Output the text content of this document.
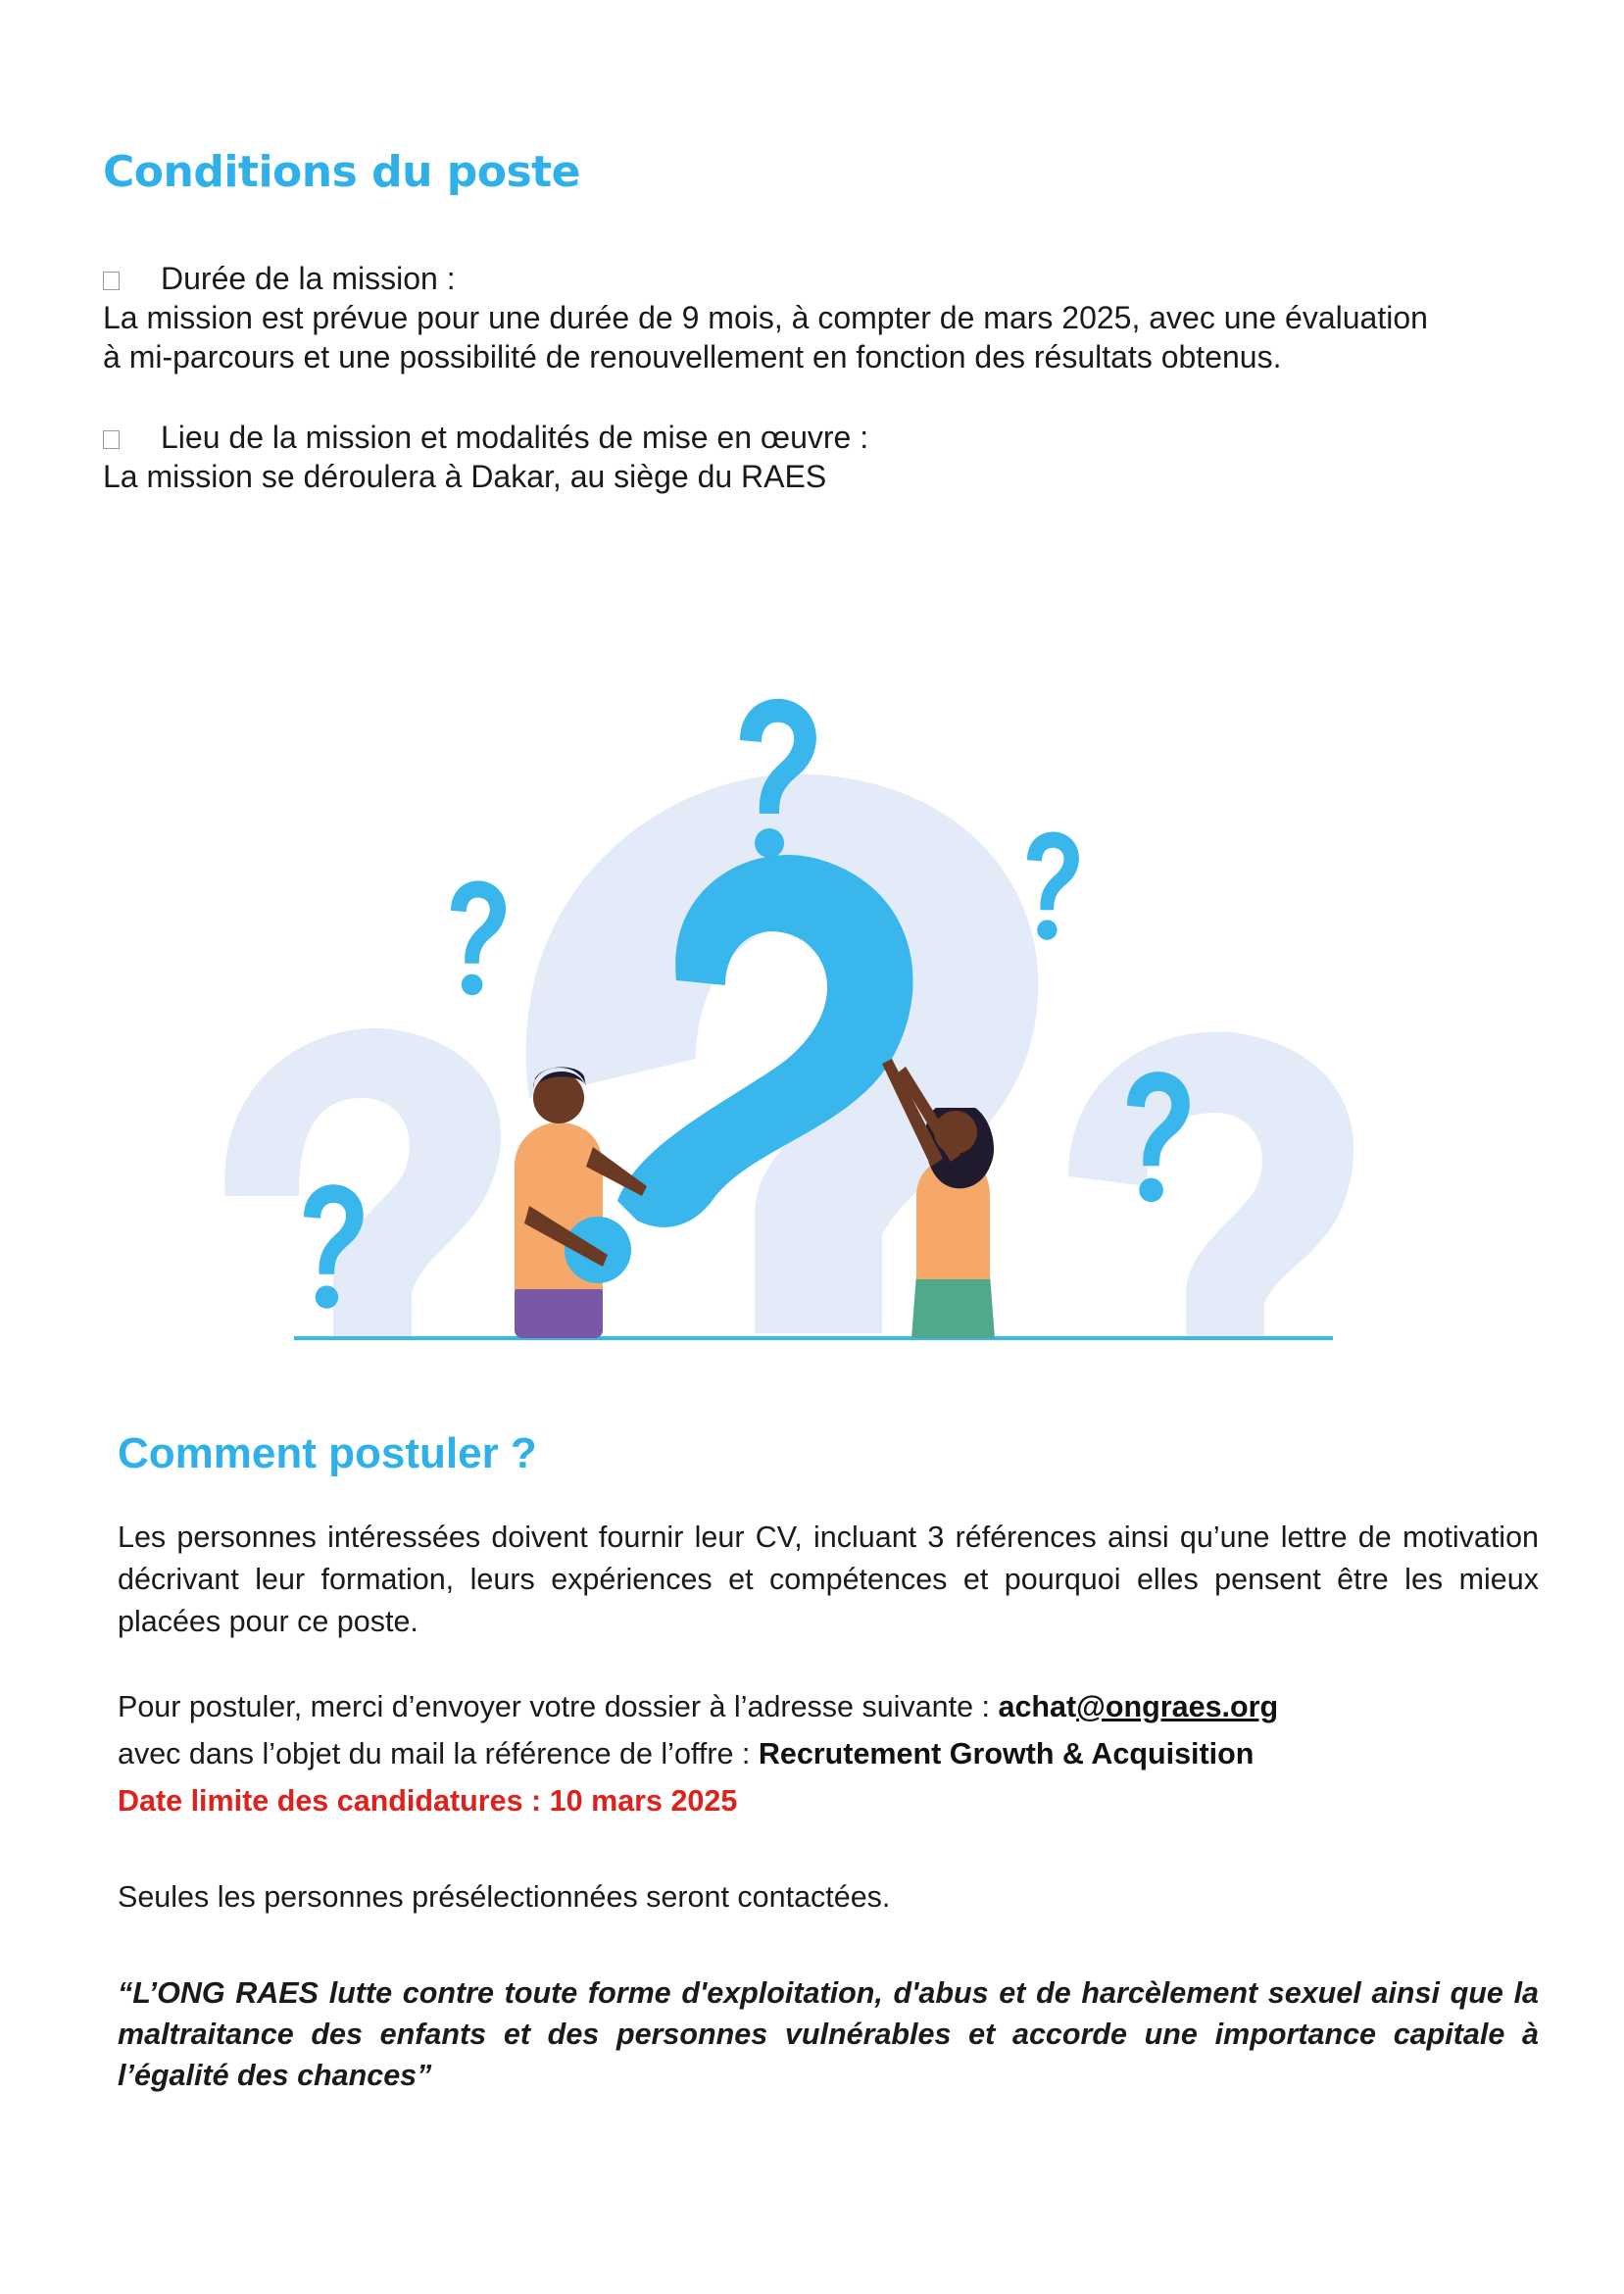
Conditions du poste
Durée de la mission :

La mission est prévue pour une durée de 9 mois, à compter de mars 2025, avec une évaluation

à mi-parcours et une possibilité de renouvellement en fonction des résultats obtenus.

Lieu de la mission et modalités de mise en œuvre :

La mission se déroulera à Dakar, au siège du RAES

Comment postuler ?

Les personnes intéressées doivent fournir leur CV, incluant 3 références ainsi qu’une lettre de motivation décrivant leur formation, leurs expériences et compétences et pourquoi elles pensent être les mieux placées pour ce poste.

Pour postuler, merci d’envoyer votre dossier à l’adresse suivante : achat@ongraes.org

avec dans l’objet du mail la référence de l’offre : Recrutement Growth & Acquisition

Date limite des candidatures : 10 mars 2025

Seules les personnes présélectionnées seront contactées.

“L’ONG RAES lutte contre toute forme d'exploitation, d'abus et de harcèlement sexuel ainsi que la maltraitance des enfants et des personnes vulnérables et accorde une importance capitale à l’égalité des chances”
